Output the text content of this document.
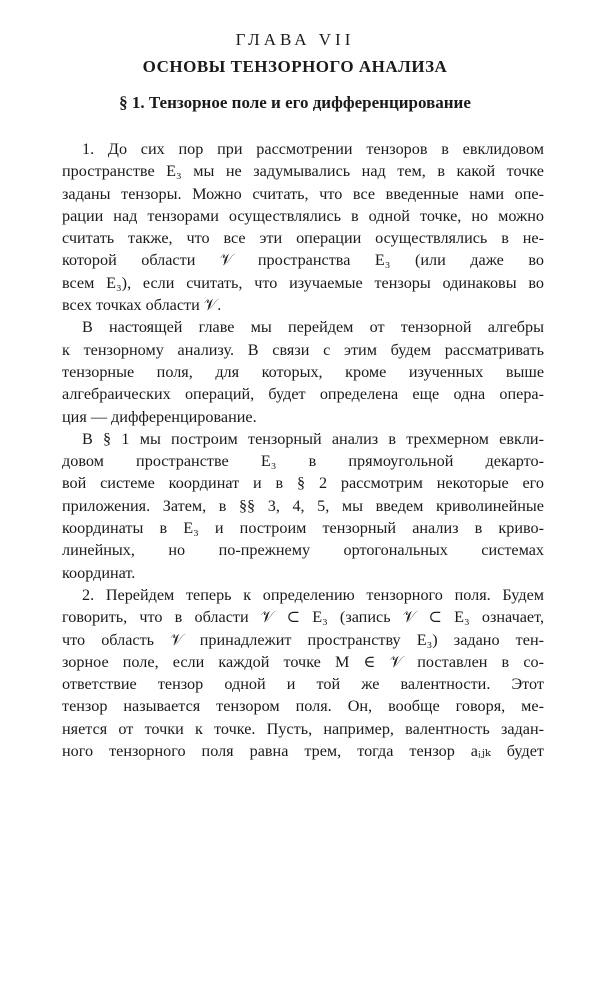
ГЛАВА VII
ОСНОВЫ ТЕНЗОРНОГО АНАЛИЗА
§ 1. Тензорное поле и его дифференцирование
1. До сих пор при рассмотрении тензоров в евклидовом
пространстве E₃ мы не задумывались над тем, в какой точке
заданы тензоры. Можно считать, что все введенные нами опе-
рации над тензорами осуществлялись в одной точке, но можно
считать также, что все эти операции осуществлялись в не-
которой области 𝒱 пространства E₃ (или даже во
всем E₃), если считать, что изучаемые тензоры одинаковы во
всех точках области 𝒱.
В настоящей главе мы перейдем от тензорной алгебры
к тензорному анализу. В связи с этим будем рассматривать
тензорные поля, для которых, кроме изученных выше
алгебраических операций, будет определена еще одна опера-
ция — дифференцирование.
В § 1 мы построим тензорный анализ в трехмерном евкли-
довом пространстве E₃ в прямоугольной декарто-
вой системе координат и в § 2 рассмотрим некоторые его
приложения. Затем, в §§ 3, 4, 5, мы введем криволинейные
координаты в E₃ и построим тензорный анализ в криво-
линейных, но по-прежнему ортогональных системах
координат.
2. Перейдем теперь к определению тензорного поля. Будем
говорить, что в области 𝒱 ⊂ E₃ (запись 𝒱 ⊂ E₃ означает,
что область 𝒱 принадлежит пространству E₃) задано тен-
зорное поле, если каждой точке M ∈ 𝒱 поставлен в со-
ответствие тензор одной и той же валентности. Этот
тензор называется тензором поля. Он, вообще говоря, ме-
няется от точки к точке. Пусть, например, валентность задан-
ного тензорного поля равна трем, тогда тензор aᵢⱼₖ будет
